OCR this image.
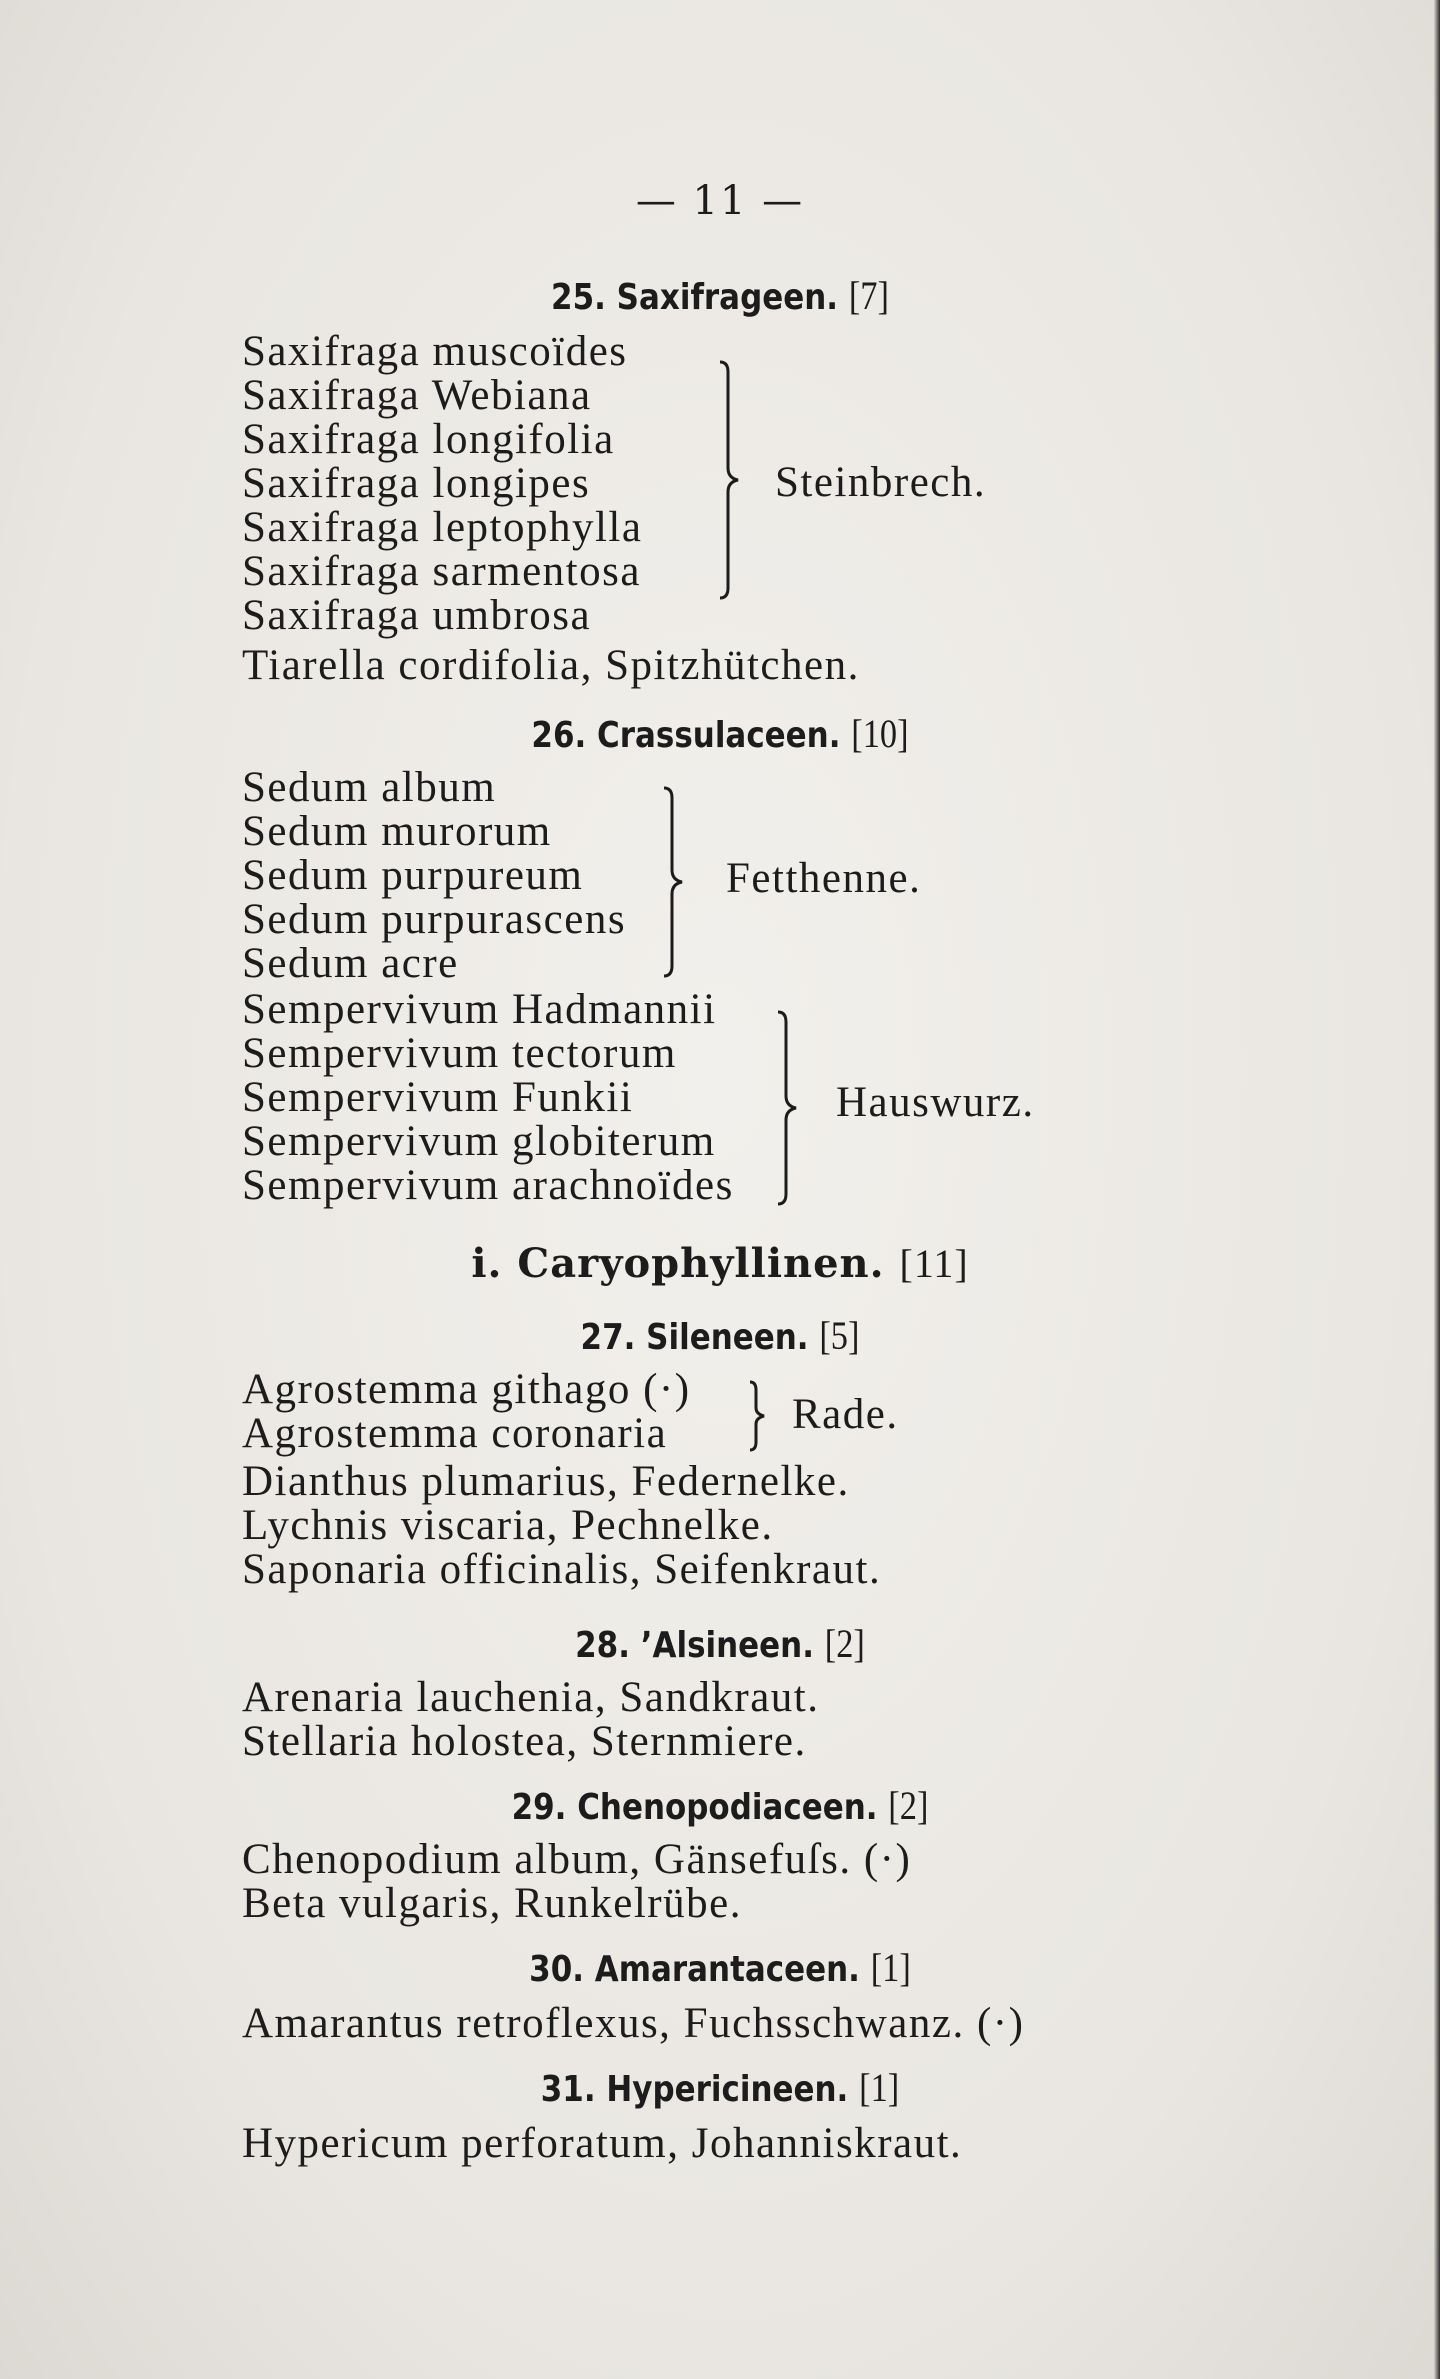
— 11 —
25. Saxifrageen. [7]
Saxifraga muscoïdes
Saxifraga Webiana
Saxifraga longifolia
Saxifraga longipes
Saxifraga leptophylla
Saxifraga sarmentosa
Saxifraga umbrosa
Steinbrech.
Tiarella cordifolia, Spitzhütchen.
26. Crassulaceen. [10]
Sedum album
Sedum murorum
Sedum purpureum
Sedum purpurascens
Sedum acre
Fetthenne.
Sempervivum Hadmannii
Sempervivum tectorum
Sempervivum Funkii
Sempervivum globiterum
Sempervivum arachnoïdes
Hauswurz.
i. Caryophyllinen. [11]
27. Sileneen. [5]
Agrostemma githago (·)
Agrostemma coronaria	Rade.
Dianthus plumarius, Federnelke.
Lychnis viscaria, Pechnelke.
Saponaria officinalis, Seifenkraut.
28. ’Alsineen. [2]
Arenaria lauchenia, Sandkraut.
Stellaria holostea, Sternmiere.
29. Chenopodiaceen. [2]
Chenopodium album, Gänsefuſs. (·)
Beta vulgaris, Runkelrübe.
30. Amarantaceen. [1]
Amarantus retroflexus, Fuchsschwanz. (·)
31. Hypericineen. [1]
Hypericum perforatum, Johanniskraut.
